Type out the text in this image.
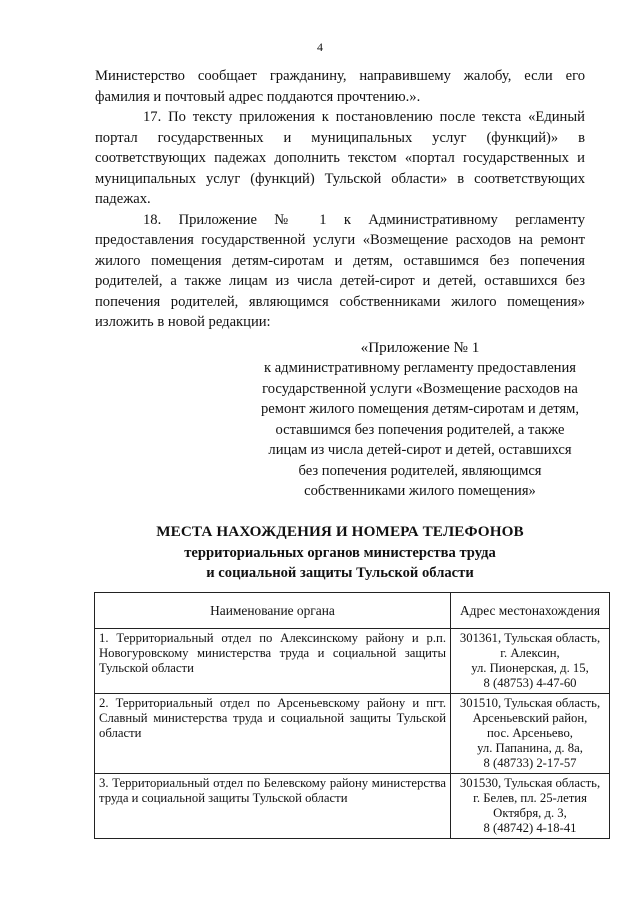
4

Министерство сообщает гражданину, направившему жалобу, если его фамилия и почтовый адрес поддаются прочтению.».

17. По тексту приложения к постановлению после текста «Единый портал государственных и муниципальных услуг (функций)» в соответствующих падежах дополнить текстом «портал государственных и муниципальных услуг (функций) Тульской области» в соответствующих падежах.

18. Приложение № 1 к Административному регламенту предоставления государственной услуги «Возмещение расходов на ремонт жилого помещения детям-сиротам и детям, оставшимся без попечения родителей, а также лицам из числа детей-сирот и детей, оставшихся без попечения родителей, являющимся собственниками жилого помещения» изложить в новой редакции:

«Приложение № 1
к административному регламенту предоставления
государственной услуги «Возмещение расходов на
ремонт жилого помещения детям-сиротам и детям,
оставшимся без попечения родителей, а также
лицам из числа детей-сирот и детей, оставшихся
без попечения родителей, являющимся
собственниками жилого помещения»
МЕСТА НАХОЖДЕНИЯ И НОМЕРА ТЕЛЕФОНОВ
территориальных органов министерства труда
и социальной защиты Тульской области
Наименование органа	Адрес местонахождения
1. Территориальный отдел по Алексинскому району и р.п. Новогуровскому министерства труда и социальной защиты Тульской области	301361, Тульская область,
г. Алексин,
ул. Пионерская, д. 15,
8 (48753) 4-47-60

2. Территориальный отдел по Арсеньевскому району и пгт. Славный министерства труда и социальной защиты Тульской области	301510, Тульская область,
Арсеньевский район,
пос. Арсеньево,
ул. Папанина, д. 8а,
8 (48733) 2-17-57

3. Территориальный отдел по Белевскому району министерства труда и социальной защиты Тульской области	301530, Тульская область,
г. Белев, пл. 25-летия
Октября, д. 3,
8 (48742) 4-18-41
